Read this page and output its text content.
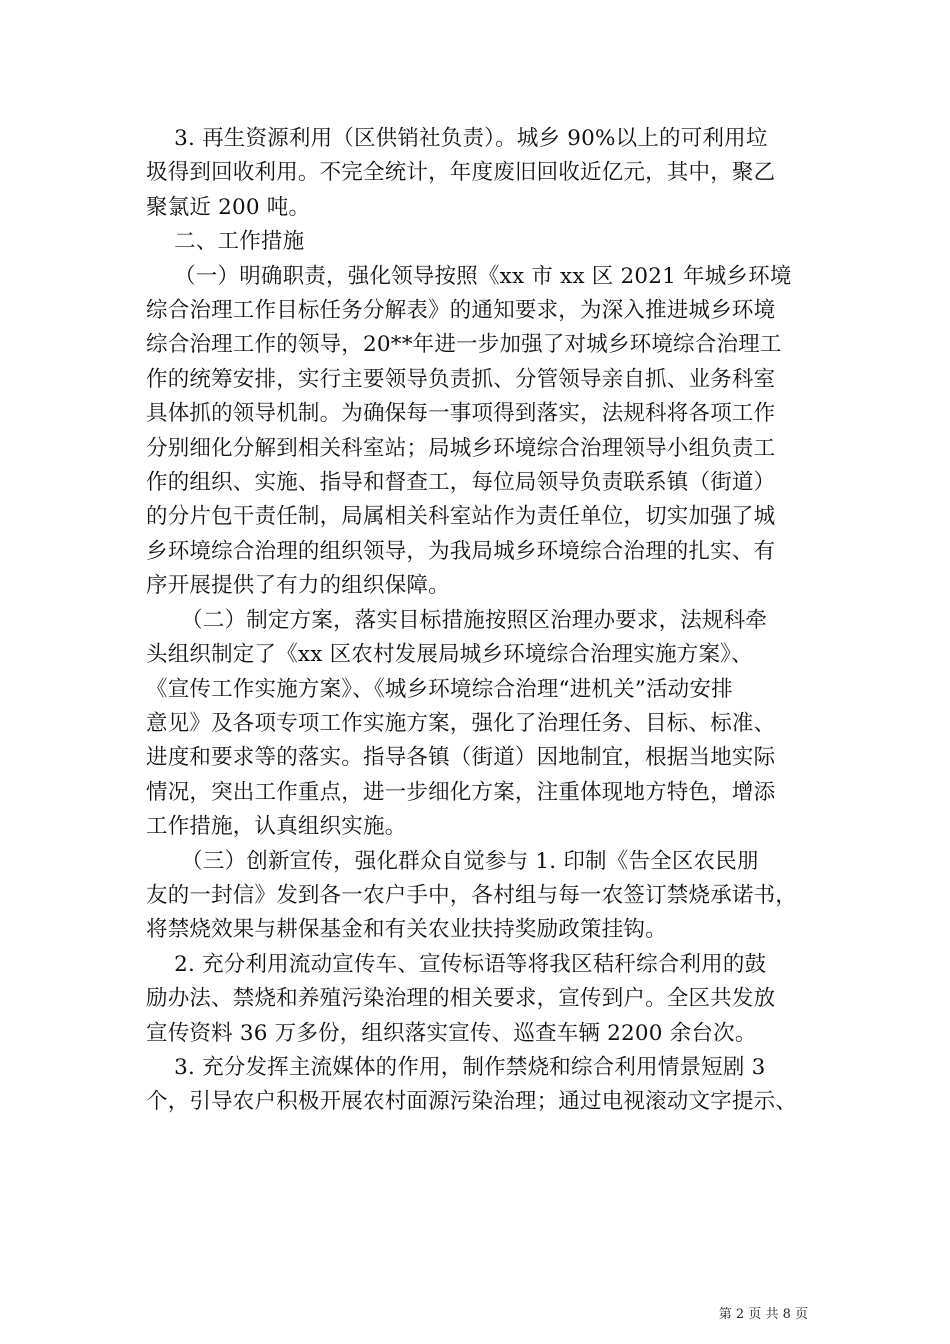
3. 再生资源利用（区供销社负责）。城乡 90%以上的可利用垃
圾得到回收利用。不完全统计，年度废旧回收近亿元，其中，聚乙
聚氯近 200 吨。
二、工作措施
（一）明确职责，强化领导按照《xx 市 xx 区 2021 年城乡环境
综合治理工作目标任务分解表》的通知要求，为深入推进城乡环境
综合治理工作的领导，20**年进一步加强了对城乡环境综合治理工
作的统筹安排，实行主要领导负责抓、分管领导亲自抓、业务科室
具体抓的领导机制。为确保每一事项得到落实，法规科将各项工作
分别细化分解到相关科室站；局城乡环境综合治理领导小组负责工
作的组织、实施、指导和督查工，每位局领导负责联系镇（街道）
的分片包干责任制，局属相关科室站作为责任单位，切实加强了城
乡环境综合治理的组织领导，为我局城乡环境综合治理的扎实、有
序开展提供了有力的组织保障。
（二）制定方案，落实目标措施按照区治理办要求，法规科牵
头组织制定了《xx 区农村发展局城乡环境综合治理实施方案》、
《宣传工作实施方案》、《城乡环境综合治理“进机关”活动安排
意见》及各项专项工作实施方案，强化了治理任务、目标、标准、
进度和要求等的落实。指导各镇（街道）因地制宜，根据当地实际
情况，突出工作重点，进一步细化方案，注重体现地方特色，增添
工作措施，认真组织实施。
（三）创新宣传，强化群众自觉参与 1. 印制《告全区农民朋
友的一封信》发到各一农户手中，各村组与每一农签订禁烧承诺书，
将禁烧效果与耕保基金和有关农业扶持奖励政策挂钩。
2. 充分利用流动宣传车、宣传标语等将我区秸秆综合利用的鼓
励办法、禁烧和养殖污染治理的相关要求，宣传到户。全区共发放
宣传资料 36 万多份，组织落实宣传、巡查车辆 2200 余台次。
3. 充分发挥主流媒体的作用，制作禁烧和综合利用情景短剧 3
个，引导农户积极开展农村面源污染治理；通过电视滚动文字提示、
第 2 页 共 8 页
